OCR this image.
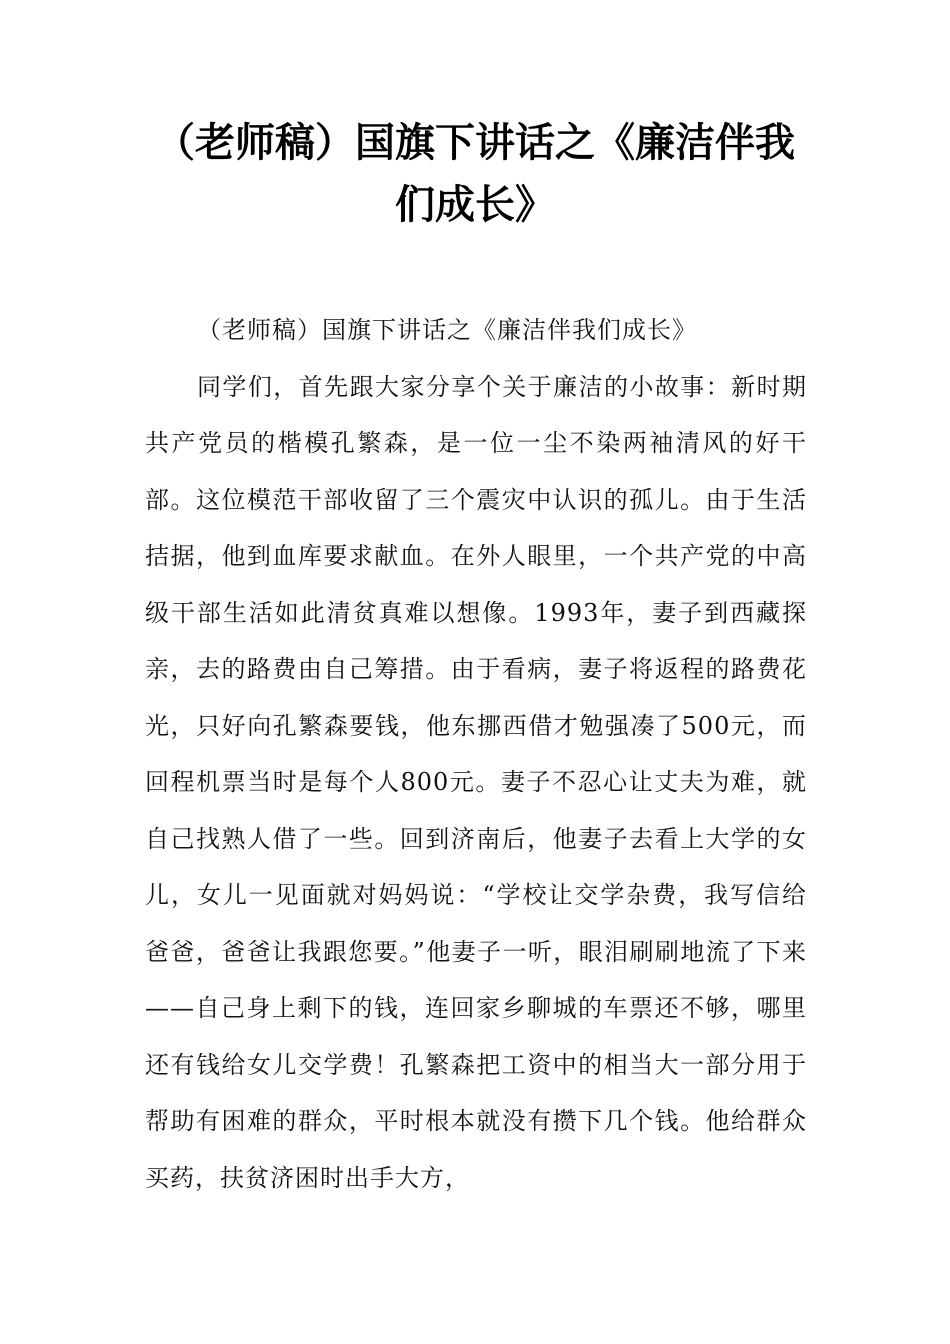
（老师稿）国旗下讲话之《廉洁伴我们成长》

（老师稿）国旗下讲话之《廉洁伴我们成长》

同学们，首先跟大家分享个关于廉洁的小故事：新时期共产党员的楷模孔繁森，是一位一尘不染两袖清风的好干部。这位模范干部收留了三个震灾中认识的孤儿。由于生活拮据，他到血库要求献血。在外人眼里，一个共产党的中高级干部生活如此清贫真难以想像。1993年，妻子到西藏探亲，去的路费由自己筹措。由于看病，妻子将返程的路费花光，只好向孔繁森要钱，他东挪西借才勉强凑了500元，而回程机票当时是每个人800元。妻子不忍心让丈夫为难，就自己找熟人借了一些。回到济南后，他妻子去看上大学的女儿，女儿一见面就对妈妈说：“学校让交学杂费，我写信给爸爸，爸爸让我跟您要。”他妻子一听，眼泪刷刷地流了下来——自己身上剩下的钱，连回家乡聊城的车票还不够，哪里还有钱给女儿交学费！孔繁森把工资中的相当大一部分用于帮助有困难的群众，平时根本就没有攒下几个钱。他给群众买药，扶贫济困时出手大方，
